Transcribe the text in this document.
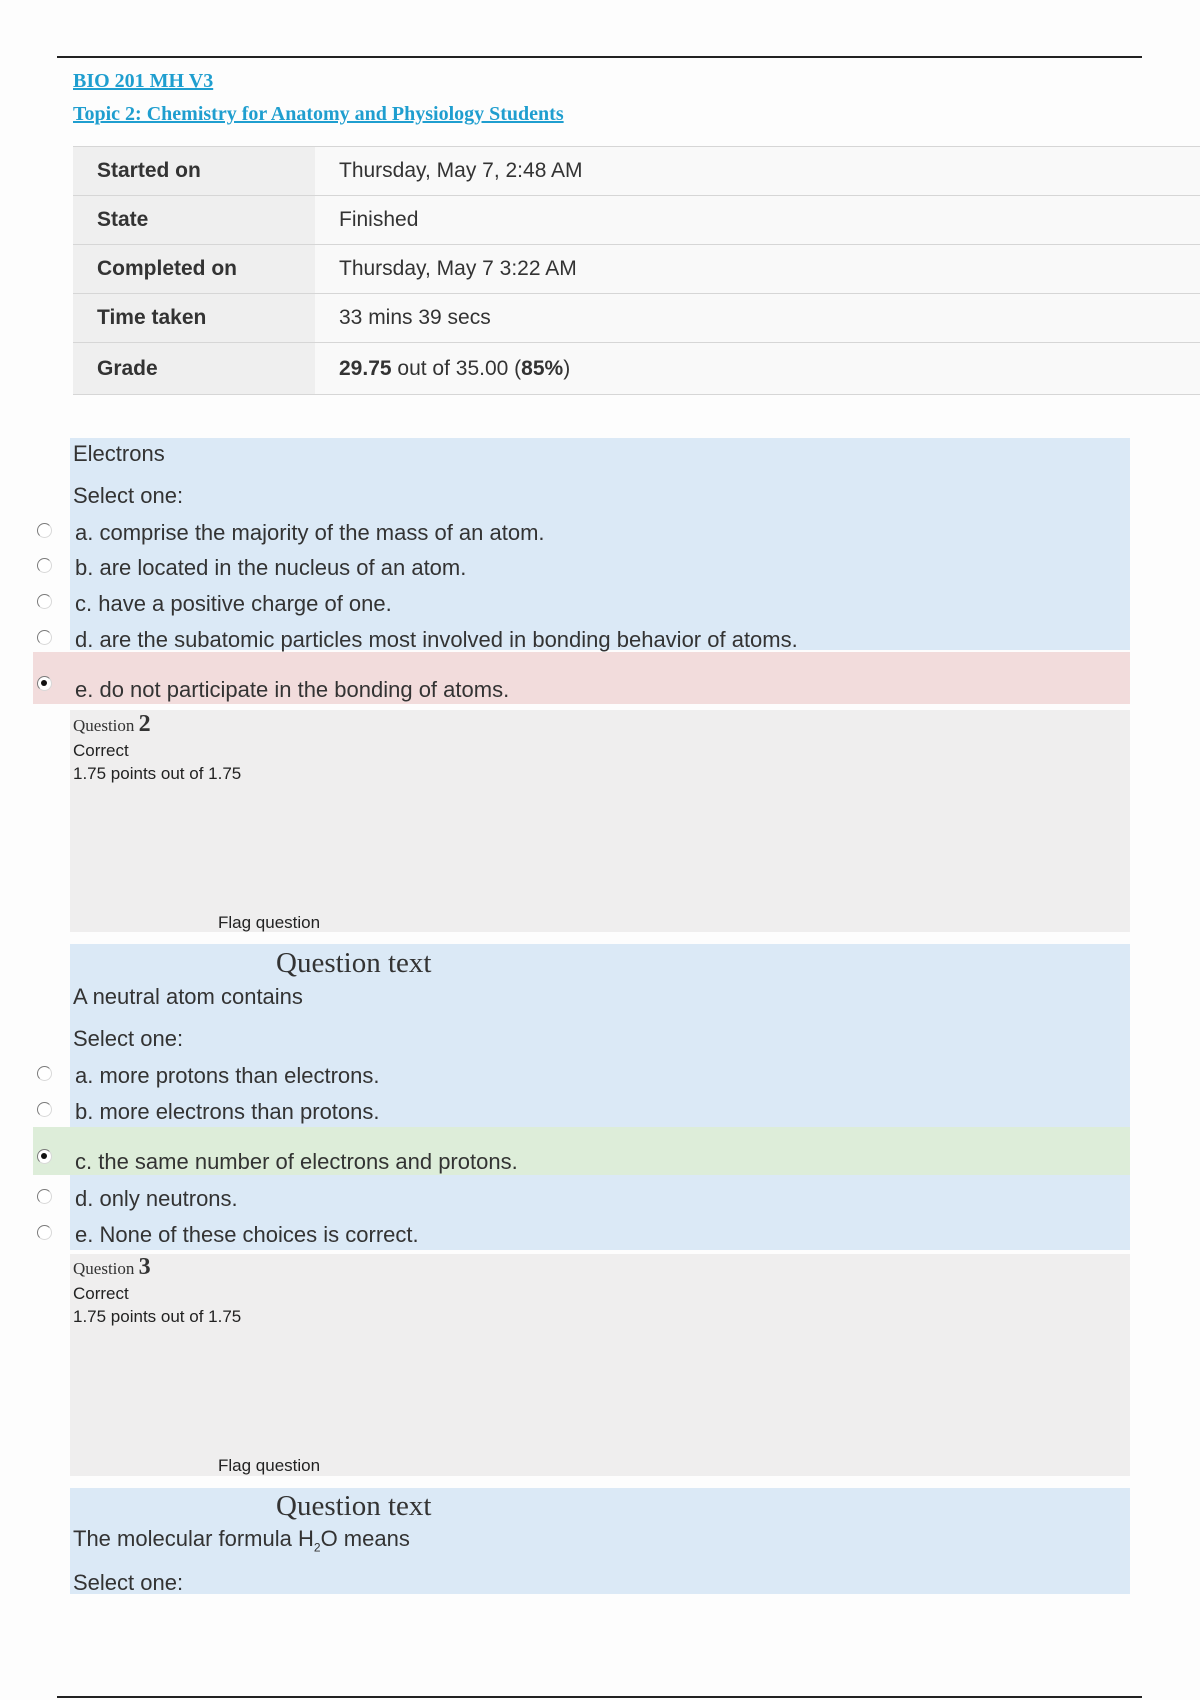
BIO 201 MH V3
Topic 2: Chemistry for Anatomy and Physiology Students
Started on	Thursday, May 7, 2:48 AM
State	Finished
Completed on	Thursday, May 7 3:22 AM
Time taken	33 mins 39 secs
Grade	29.75 out of 35.00 (85%)
Electrons
Select one:
a. comprise the majority of the mass of an atom.
b. are located in the nucleus of an atom.
c. have a positive charge of one.
d. are the subatomic particles most involved in bonding behavior of atoms.
e. do not participate in the bonding of atoms.
Question 2
Correct
1.75 points out of 1.75
Flag question
Question text
A neutral atom contains
Select one:
a. more protons than electrons.
b. more electrons than protons.
c. the same number of electrons and protons.
d. only neutrons.
e. None of these choices is correct.
Question 3
Correct
1.75 points out of 1.75
Flag question
Question text
The molecular formula $H_2O$ means
Select one:
